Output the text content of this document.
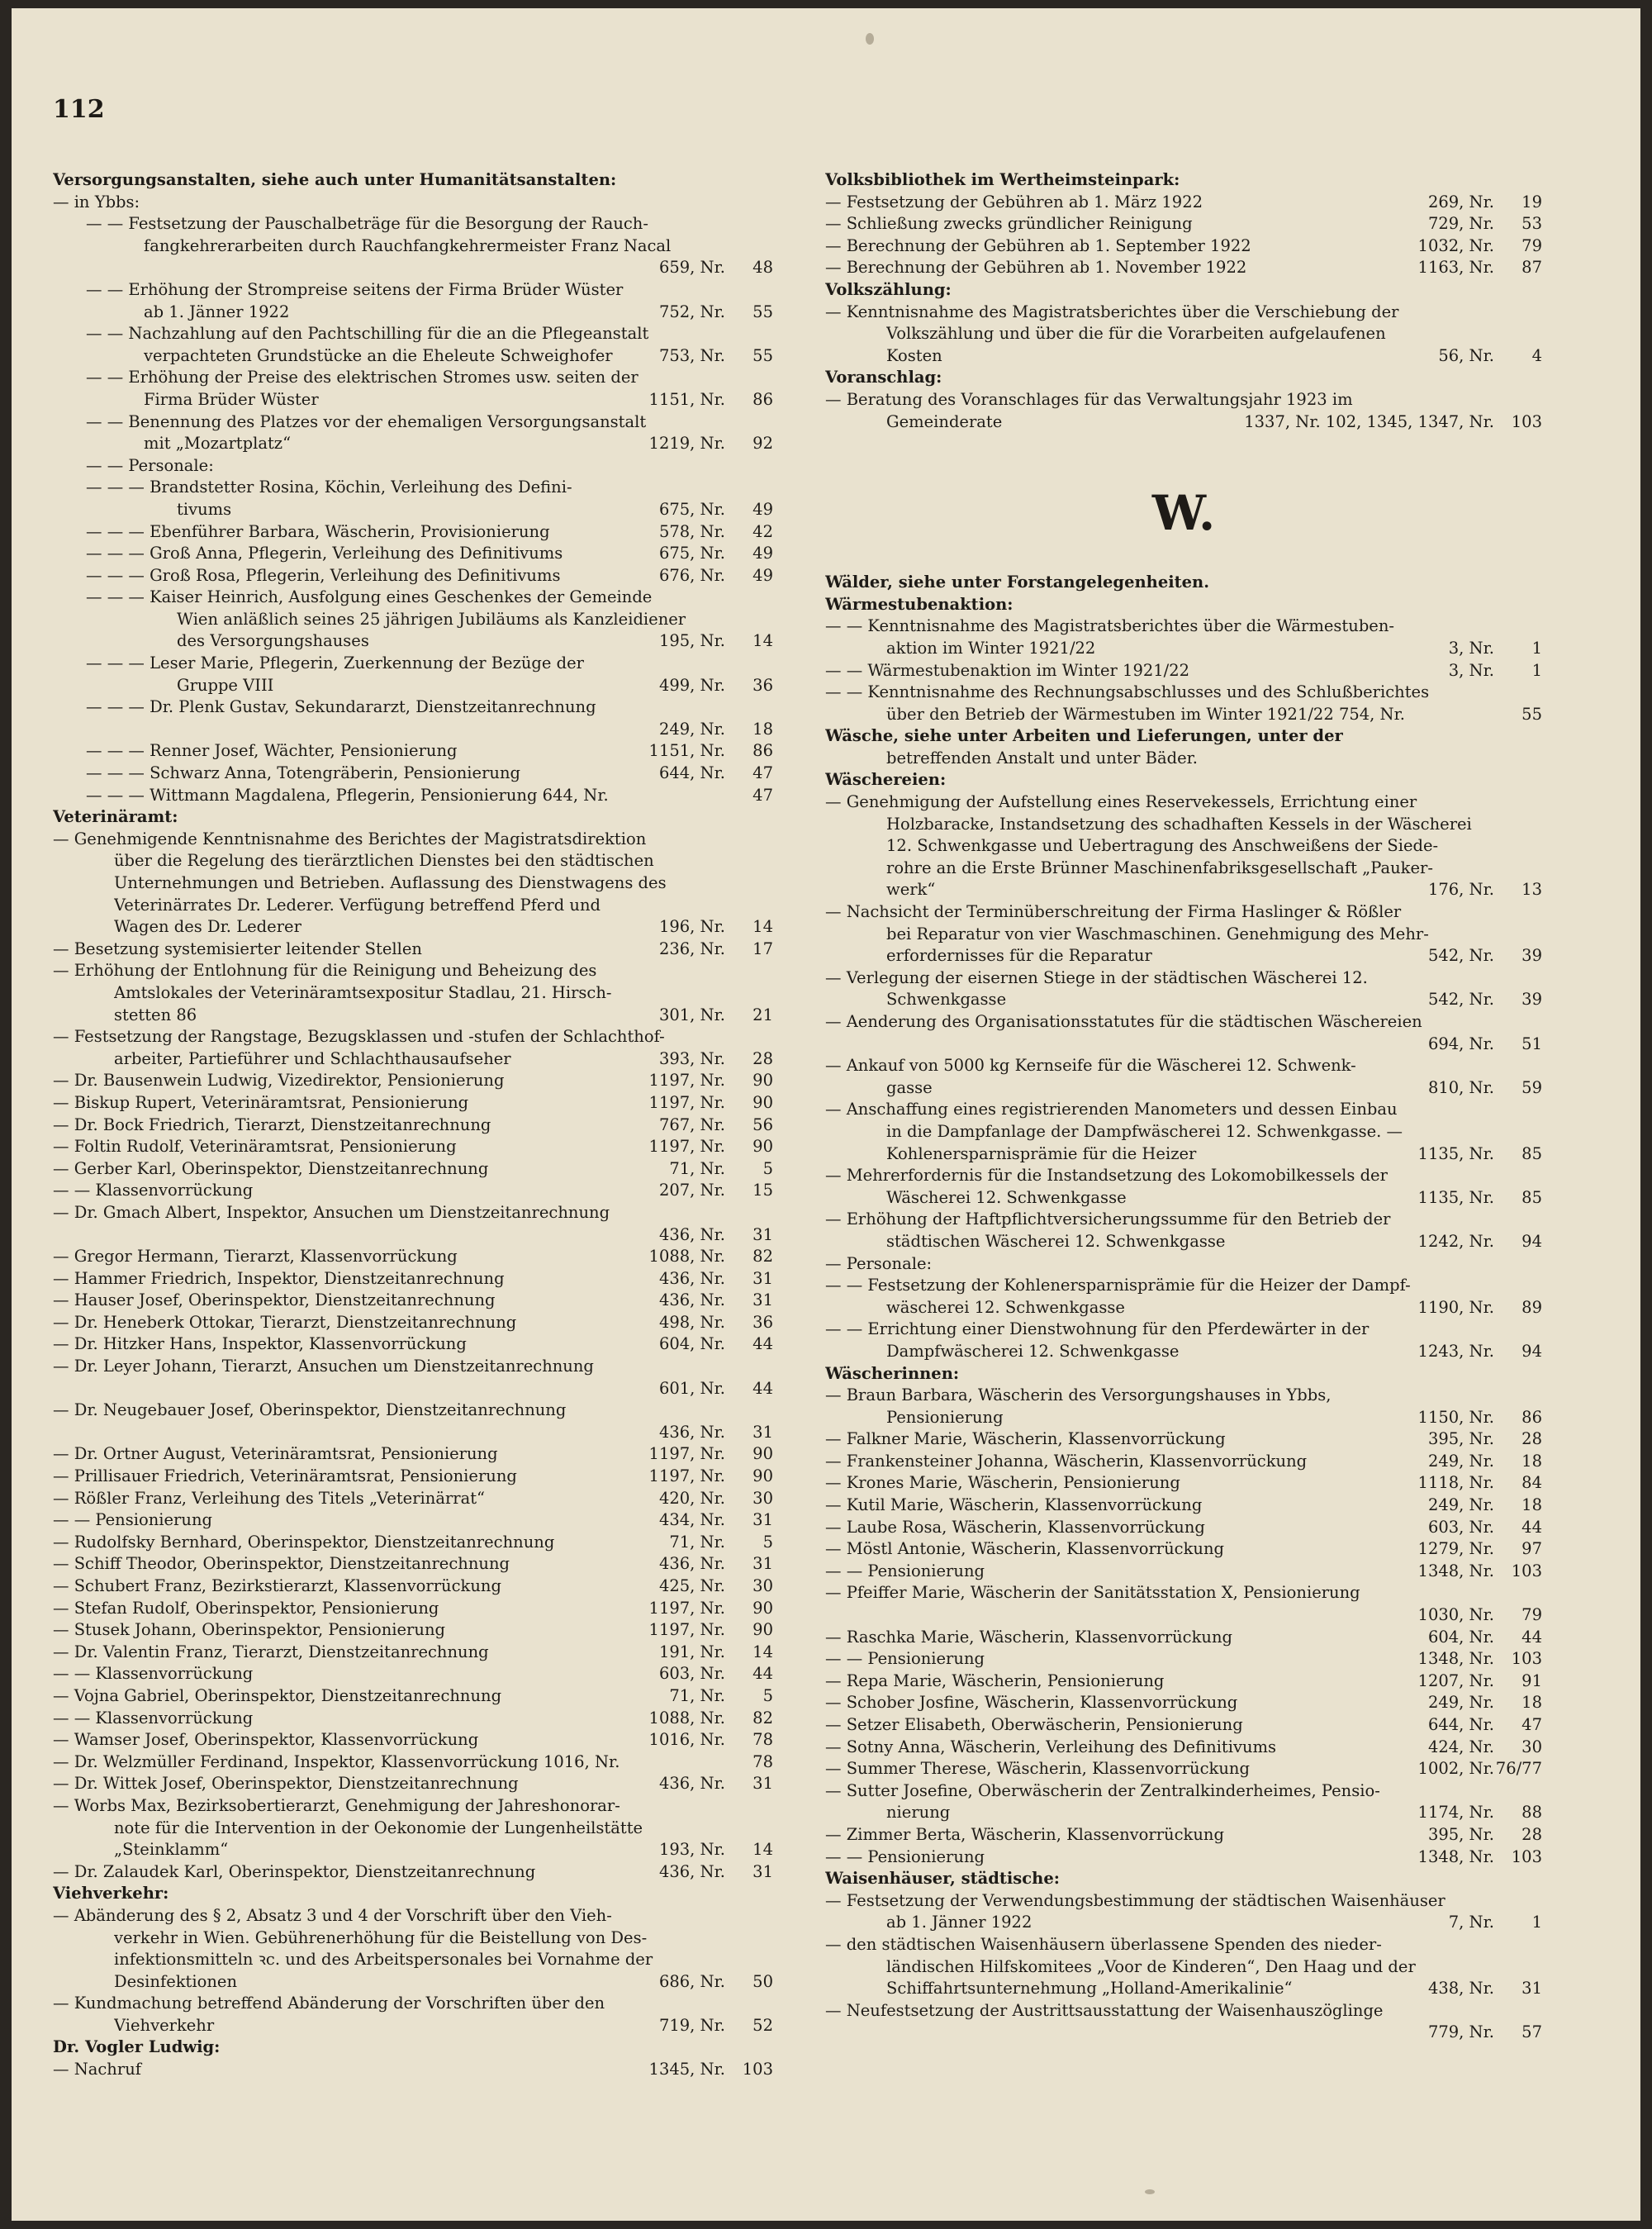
112
Versorgungsanstalten, siehe auch unter Humanitätsanstalten:
— in Ybbs:
— — Festsetzung der Pauschalbeträge für die Besorgung der Rauch-
fangkehrerarbeiten durch Rauchfangkehrermeister Franz Nacal
659, Nr.	48
— — Erhöhung der Strompreise seitens der Firma Brüder Wüster
ab 1. Jänner 1922	752, Nr.	55
— — Nachzahlung auf den Pachtschilling für die an die Pflegeanstalt
verpachteten Grundstücke an die Eheleute Schweighofer	753, Nr.	55
— — Erhöhung der Preise des elektrischen Stromes usw. seiten der
Firma Brüder Wüster	1151, Nr.	86
— — Benennung des Platzes vor der ehemaligen Versorgungsanstalt
mit „Mozartplatz“	1219, Nr.	92
— — Personale:
— — — Brandstetter Rosina, Köchin, Verleihung des Defini-
tivums	675, Nr.	49
— — — Ebenführer Barbara, Wäscherin, Provisionierung	578, Nr.	42
— — — Groß Anna, Pflegerin, Verleihung des Definitivums	675, Nr.	49
— — — Groß Rosa, Pflegerin, Verleihung des Definitivums	676, Nr.	49
— — — Kaiser Heinrich, Ausfolgung eines Geschenkes der Gemeinde
Wien anläßlich seines 25 jährigen Jubiläums als Kanzleidiener
des Versorgungshauses	195, Nr.	14
— — — Leser Marie, Pflegerin, Zuerkennung der Bezüge der
Gruppe VIII	499, Nr.	36
— — — Dr. Plenk Gustav, Sekundararzt, Dienstzeitanrechnung
249, Nr.	18
— — — Renner Josef, Wächter, Pensionierung	1151, Nr.	86
— — — Schwarz Anna, Totengräberin, Pensionierung	644, Nr.	47
— — — Wittmann Magdalena, Pflegerin, Pensionierung 644, Nr.	47
Veterinäramt:
— Genehmigende Kenntnisnahme des Berichtes der Magistratsdirektion
über die Regelung des tierärztlichen Dienstes bei den städtischen
Unternehmungen und Betrieben. Auflassung des Dienstwagens des
Veterinärrates Dr. Lederer. Verfügung betreffend Pferd und
Wagen des Dr. Lederer	196, Nr.	14
— Besetzung systemisierter leitender Stellen	236, Nr.	17
— Erhöhung der Entlohnung für die Reinigung und Beheizung des
Amtslokales der Veterinäramtsexpositur Stadlau, 21. Hirsch-
stetten 86	301, Nr.	21
— Festsetzung der Rangstage, Bezugsklassen und -stufen der Schlachthof-
arbeiter, Partieführer und Schlachthausaufseher	393, Nr.	28
— Dr. Bausenwein Ludwig, Vizedirektor, Pensionierung	1197, Nr.	90
— Biskup Rupert, Veterinäramtsrat, Pensionierung	1197, Nr.	90
— Dr. Bock Friedrich, Tierarzt, Dienstzeitanrechnung	767, Nr.	56
— Foltin Rudolf, Veterinäramtsrat, Pensionierung	1197, Nr.	90
— Gerber Karl, Oberinspektor, Dienstzeitanrechnung	71, Nr.	5
— — Klassenvorrückung	207, Nr.	15
— Dr. Gmach Albert, Inspektor, Ansuchen um Dienstzeitanrechnung
436, Nr.	31
— Gregor Hermann, Tierarzt, Klassenvorrückung	1088, Nr.	82
— Hammer Friedrich, Inspektor, Dienstzeitanrechnung	436, Nr.	31
— Hauser Josef, Oberinspektor, Dienstzeitanrechnung	436, Nr.	31
— Dr. Heneberk Ottokar, Tierarzt, Dienstzeitanrechnung	498, Nr.	36
— Dr. Hitzker Hans, Inspektor, Klassenvorrückung	604, Nr.	44
— Dr. Leyer Johann, Tierarzt, Ansuchen um Dienstzeitanrechnung
601, Nr.	44
— Dr. Neugebauer Josef, Oberinspektor, Dienstzeitanrechnung
436, Nr.	31
— Dr. Ortner August, Veterinäramtsrat, Pensionierung	1197, Nr.	90
— Prillisauer Friedrich, Veterinäramtsrat, Pensionierung	1197, Nr.	90
— Rößler Franz, Verleihung des Titels „Veterinärrat“	420, Nr.	30
— — Pensionierung	434, Nr.	31
— Rudolfsky Bernhard, Oberinspektor, Dienstzeitanrechnung	71, Nr.	5
— Schiff Theodor, Oberinspektor, Dienstzeitanrechnung	436, Nr.	31
— Schubert Franz, Bezirkstierarzt, Klassenvorrückung	425, Nr.	30
— Stefan Rudolf, Oberinspektor, Pensionierung	1197, Nr.	90
— Stusek Johann, Oberinspektor, Pensionierung	1197, Nr.	90
— Dr. Valentin Franz, Tierarzt, Dienstzeitanrechnung	191, Nr.	14
— — Klassenvorrückung	603, Nr.	44
— Vojna Gabriel, Oberinspektor, Dienstzeitanrechnung	71, Nr.	5
— — Klassenvorrückung	1088, Nr.	82
— Wamser Josef, Oberinspektor, Klassenvorrückung	1016, Nr.	78
— Dr. Welzmüller Ferdinand, Inspektor, Klassenvorrückung 1016, Nr.	78
— Dr. Wittek Josef, Oberinspektor, Dienstzeitanrechnung	436, Nr.	31
— Worbs Max, Bezirksobertierarzt, Genehmigung der Jahreshonorar-
note für die Intervention in der Oekonomie der Lungenheilstätte
„Steinklamm“	193, Nr.	14
— Dr. Zalaudek Karl, Oberinspektor, Dienstzeitanrechnung	436, Nr.	31
Viehverkehr:
— Abänderung des § 2, Absatz 3 und 4 der Vorschrift über den Vieh-
verkehr in Wien. Gebührenerhöhung für die Beistellung von Des-
infektionsmitteln ꝛc. und des Arbeitspersonales bei Vornahme der
Desinfektionen	686, Nr.	50
— Kundmachung betreffend Abänderung der Vorschriften über den
Viehverkehr	719, Nr.	52
Dr. Vogler Ludwig:
— Nachruf	1345, Nr.	103
Volksbibliothek im Wertheimsteinpark:
— Festsetzung der Gebühren ab 1. März 1922	269, Nr.	19
— Schließung zwecks gründlicher Reinigung	729, Nr.	53
— Berechnung der Gebühren ab 1. September 1922	1032, Nr.	79
— Berechnung der Gebühren ab 1. November 1922	1163, Nr.	87
Volkszählung:
— Kenntnisnahme des Magistratsberichtes über die Verschiebung der
Volkszählung und über die für die Vorarbeiten aufgelaufenen
Kosten	56, Nr.	4
Voranschlag:
— Beratung des Voranschlages für das Verwaltungsjahr 1923 im
Gemeinderate	1337, Nr. 102, 1345, 1347, Nr.	103
W.
Wälder, siehe unter Forstangelegenheiten.
Wärmestubenaktion:
— — Kenntnisnahme des Magistratsberichtes über die Wärmestuben-
aktion im Winter 1921/22	3, Nr.	1
— — Wärmestubenaktion im Winter 1921/22	3, Nr.	1
— — Kenntnisnahme des Rechnungsabschlusses und des Schlußberichtes
über den Betrieb der Wärmestuben im Winter 1921/22 754, Nr.	55
Wäsche, siehe unter Arbeiten und Lieferungen, unter der
betreffenden Anstalt und unter Bäder.
Wäschereien:
— Genehmigung der Aufstellung eines Reservekessels, Errichtung einer
Holzbaracke, Instandsetzung des schadhaften Kessels in der Wäscherei
12. Schwenkgasse und Uebertragung des Anschweißens der Siede-
rohre an die Erste Brünner Maschinenfabriksgesellschaft „Pauker-
werk“	176, Nr.	13
— Nachsicht der Terminüberschreitung der Firma Haslinger & Rößler
bei Reparatur von vier Waschmaschinen. Genehmigung des Mehr-
erfordernisses für die Reparatur	542, Nr.	39
— Verlegung der eisernen Stiege in der städtischen Wäscherei 12.
Schwenkgasse	542, Nr.	39
— Aenderung des Organisationsstatutes für die städtischen Wäschereien
694, Nr.	51
— Ankauf von 5000 kg Kernseife für die Wäscherei 12. Schwenk-
gasse	810, Nr.	59
— Anschaffung eines registrierenden Manometers und dessen Einbau
in die Dampfanlage der Dampfwäscherei 12. Schwenkgasse. —
Kohlenersparnisprämie für die Heizer	1135, Nr.	85
— Mehrerfordernis für die Instandsetzung des Lokomobilkessels der
Wäscherei 12. Schwenkgasse	1135, Nr.	85
— Erhöhung der Haftpflichtversicherungssumme für den Betrieb der
städtischen Wäscherei 12. Schwenkgasse	1242, Nr.	94
— Personale:
— — Festsetzung der Kohlenersparnisprämie für die Heizer der Dampf-
wäscherei 12. Schwenkgasse	1190, Nr.	89
— — Errichtung einer Dienstwohnung für den Pferdewärter in der
Dampfwäscherei 12. Schwenkgasse	1243, Nr.	94
Wäscherinnen:
— Braun Barbara, Wäscherin des Versorgungshauses in Ybbs,
Pensionierung	1150, Nr.	86
— Falkner Marie, Wäscherin, Klassenvorrückung	395, Nr.	28
— Frankensteiner Johanna, Wäscherin, Klassenvorrückung	249, Nr.	18
— Krones Marie, Wäscherin, Pensionierung	1118, Nr.	84
— Kutil Marie, Wäscherin, Klassenvorrückung	249, Nr.	18
— Laube Rosa, Wäscherin, Klassenvorrückung	603, Nr.	44
— Möstl Antonie, Wäscherin, Klassenvorrückung	1279, Nr.	97
— — Pensionierung	1348, Nr.	103
— Pfeiffer Marie, Wäscherin der Sanitätsstation X, Pensionierung
1030, Nr.	79
— Raschka Marie, Wäscherin, Klassenvorrückung	604, Nr.	44
— — Pensionierung	1348, Nr.	103
— Repa Marie, Wäscherin, Pensionierung	1207, Nr.	91
— Schober Josfine, Wäscherin, Klassenvorrückung	249, Nr.	18
— Setzer Elisabeth, Oberwäscherin, Pensionierung	644, Nr.	47
— Sotny Anna, Wäscherin, Verleihung des Definitivums	424, Nr.	30
— Summer Therese, Wäscherin, Klassenvorrückung	1002, Nr. 76/77
— Sutter Josefine, Oberwäscherin der Zentralkinderheimes, Pensio-
nierung	1174, Nr.	88
— Zimmer Berta, Wäscherin, Klassenvorrückung	395, Nr.	28
— — Pensionierung	1348, Nr.	103
Waisenhäuser, städtische:
— Festsetzung der Verwendungsbestimmung der städtischen Waisenhäuser
ab 1. Jänner 1922	7, Nr.	1
— den städtischen Waisenhäusern überlassene Spenden des nieder-
ländischen Hilfskomitees „Voor de Kinderen“, Den Haag und der
Schiffahrtsunternehmung „Holland-Amerikalinie“	438, Nr.	31
— Neufestsetzung der Austrittsausstattung der Waisenhauszöglinge
779, Nr.	57
